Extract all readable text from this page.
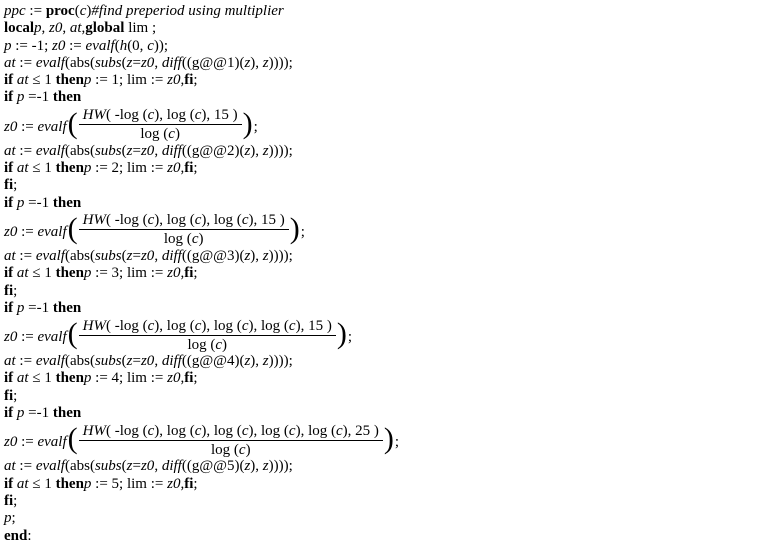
ppc := proc(c)#find preperiod using multiplier
localp, z0, at,global lim ;
p := -1; z0 := evalf(h(0, c));
at := evalf(abs(subs(z=z0, diff((g@@1)(z), z))));
if at ≤ 1 thenp := 1; lim := z0,fi;
if p =-1 then
z0 := evalf ( $\frac{HW( -\log (c), \log (c), 15 )}{\log (c)}$ ) ;
at := evalf(abs(subs(z=z0, diff((g@@2)(z), z))));
if at ≤ 1 thenp := 2; lim := z0,fi;
fi;
if p =-1 then
z0 := evalf ( $\frac{HW( -\log (c), \log (c), \log (c), 15 )}{\log (c)}$ ) ;
at := evalf(abs(subs(z=z0, diff((g@@3)(z), z))));
if at ≤ 1 thenp := 3; lim := z0,fi;
fi;
if p =-1 then
z0 := evalf ( $\frac{HW( -\log (c), \log (c), \log (c), \log (c), 15 )}{\log (c)}$ ) ;
at := evalf(abs(subs(z=z0, diff((g@@4)(z), z))));
if at ≤ 1 thenp := 4; lim := z0,fi;
fi;
if p =-1 then
z0 := evalf ( $\frac{HW( -\log (c), \log (c), \log (c), \log (c), \log (c), 25 )}{\log (c)}$ ) ;
at := evalf(abs(subs(z=z0, diff((g@@5)(z), z))));
if at ≤ 1 thenp := 5; lim := z0,fi;
fi;
p;
end:
